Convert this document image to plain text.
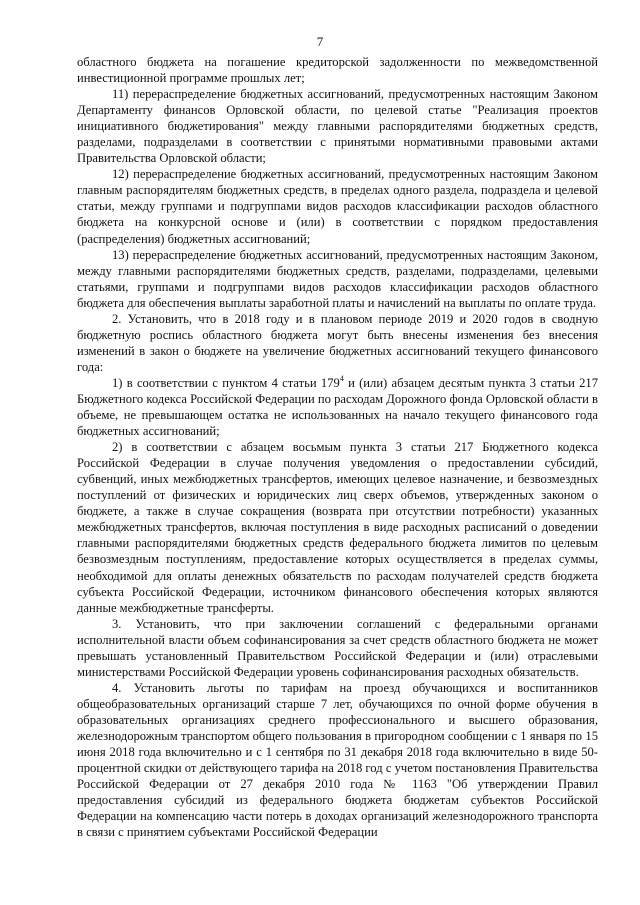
7

областного бюджета на погашение кредиторской задолженности по межведомственной инвестиционной программе прошлых лет;

11) перераспределение бюджетных ассигнований, предусмотренных настоящим Законом Департаменту финансов Орловской области, по целевой статье "Реализация проектов инициативного бюджетирования" между главными распорядителями бюджетных средств, разделами, подразделами в соответствии с принятыми нормативными правовыми актами Правительства Орловской области;

12) перераспределение бюджетных ассигнований, предусмотренных настоящим Законом главным распорядителям бюджетных средств, в пределах одного раздела, подраздела и целевой статьи, между группами и подгруппами видов расходов классификации расходов областного бюджета на конкурсной основе и (или) в соответствии с порядком предоставления (распределения) бюджетных ассигнований;

13) перераспределение бюджетных ассигнований, предусмотренных настоящим Законом, между главными распорядителями бюджетных средств, разделами, подразделами, целевыми статьями, группами и подгруппами видов расходов классификации расходов областного бюджета для обеспечения выплаты заработной платы и начислений на выплаты по оплате труда.

2. Установить, что в 2018 году и в плановом периоде 2019 и 2020 годов в сводную бюджетную роспись областного бюджета могут быть внесены изменения без внесения изменений в закон о бюджете на увеличение бюджетных ассигнований текущего финансового года:

1) в соответствии с пунктом 4 статьи $179^4$ и (или) абзацем десятым пункта 3 статьи 217 Бюджетного кодекса Российской Федерации по расходам Дорожного фонда Орловской области в объеме, не превышающем остатка не использованных на начало текущего финансового года бюджетных ассигнований;

2) в соответствии с абзацем восьмым пункта 3 статьи 217 Бюджетного кодекса Российской Федерации в случае получения уведомления о предоставлении субсидий, субвенций, иных межбюджетных трансфертов, имеющих целевое назначение, и безвозмездных поступлений от физических и юридических лиц сверх объемов, утвержденных законом о бюджете, а также в случае сокращения (возврата при отсутствии потребности) указанных межбюджетных трансфертов, включая поступления в виде расходных расписаний о доведении главными распорядителями бюджетных средств федерального бюджета лимитов по целевым безвозмездным поступлениям, предоставление которых осуществляется в пределах суммы, необходимой для оплаты денежных обязательств по расходам получателей средств бюджета субъекта Российской Федерации, источником финансового обеспечения которых являются данные межбюджетные трансферты.

3. Установить, что при заключении соглашений с федеральными органами исполнительной власти объем софинансирования за счет средств областного бюджета не может превышать установленный Правительством Российской Федерации и (или) отраслевыми министерствами Российской Федерации уровень софинансирования расходных обязательств.

4. Установить льготы по тарифам на проезд обучающихся и воспитанников общеобразовательных организаций старше 7 лет, обучающихся по очной форме обучения в образовательных организациях среднего профессионального и высшего образования, железнодорожным транспортом общего пользования в пригородном сообщении с 1 января по 15 июня 2018 года включительно и с 1 сентября по 31 декабря 2018 года включительно в виде 50-процентной скидки от действующего тарифа на 2018 год с учетом постановления Правительства Российской Федерации от 27 декабря 2010 года № 1163 "Об утверждении Правил предоставления субсидий из федерального бюджета бюджетам субъектов Российской Федерации на компенсацию части потерь в доходах организаций железнодорожного транспорта в связи с принятием субъектами Российской Федерации
